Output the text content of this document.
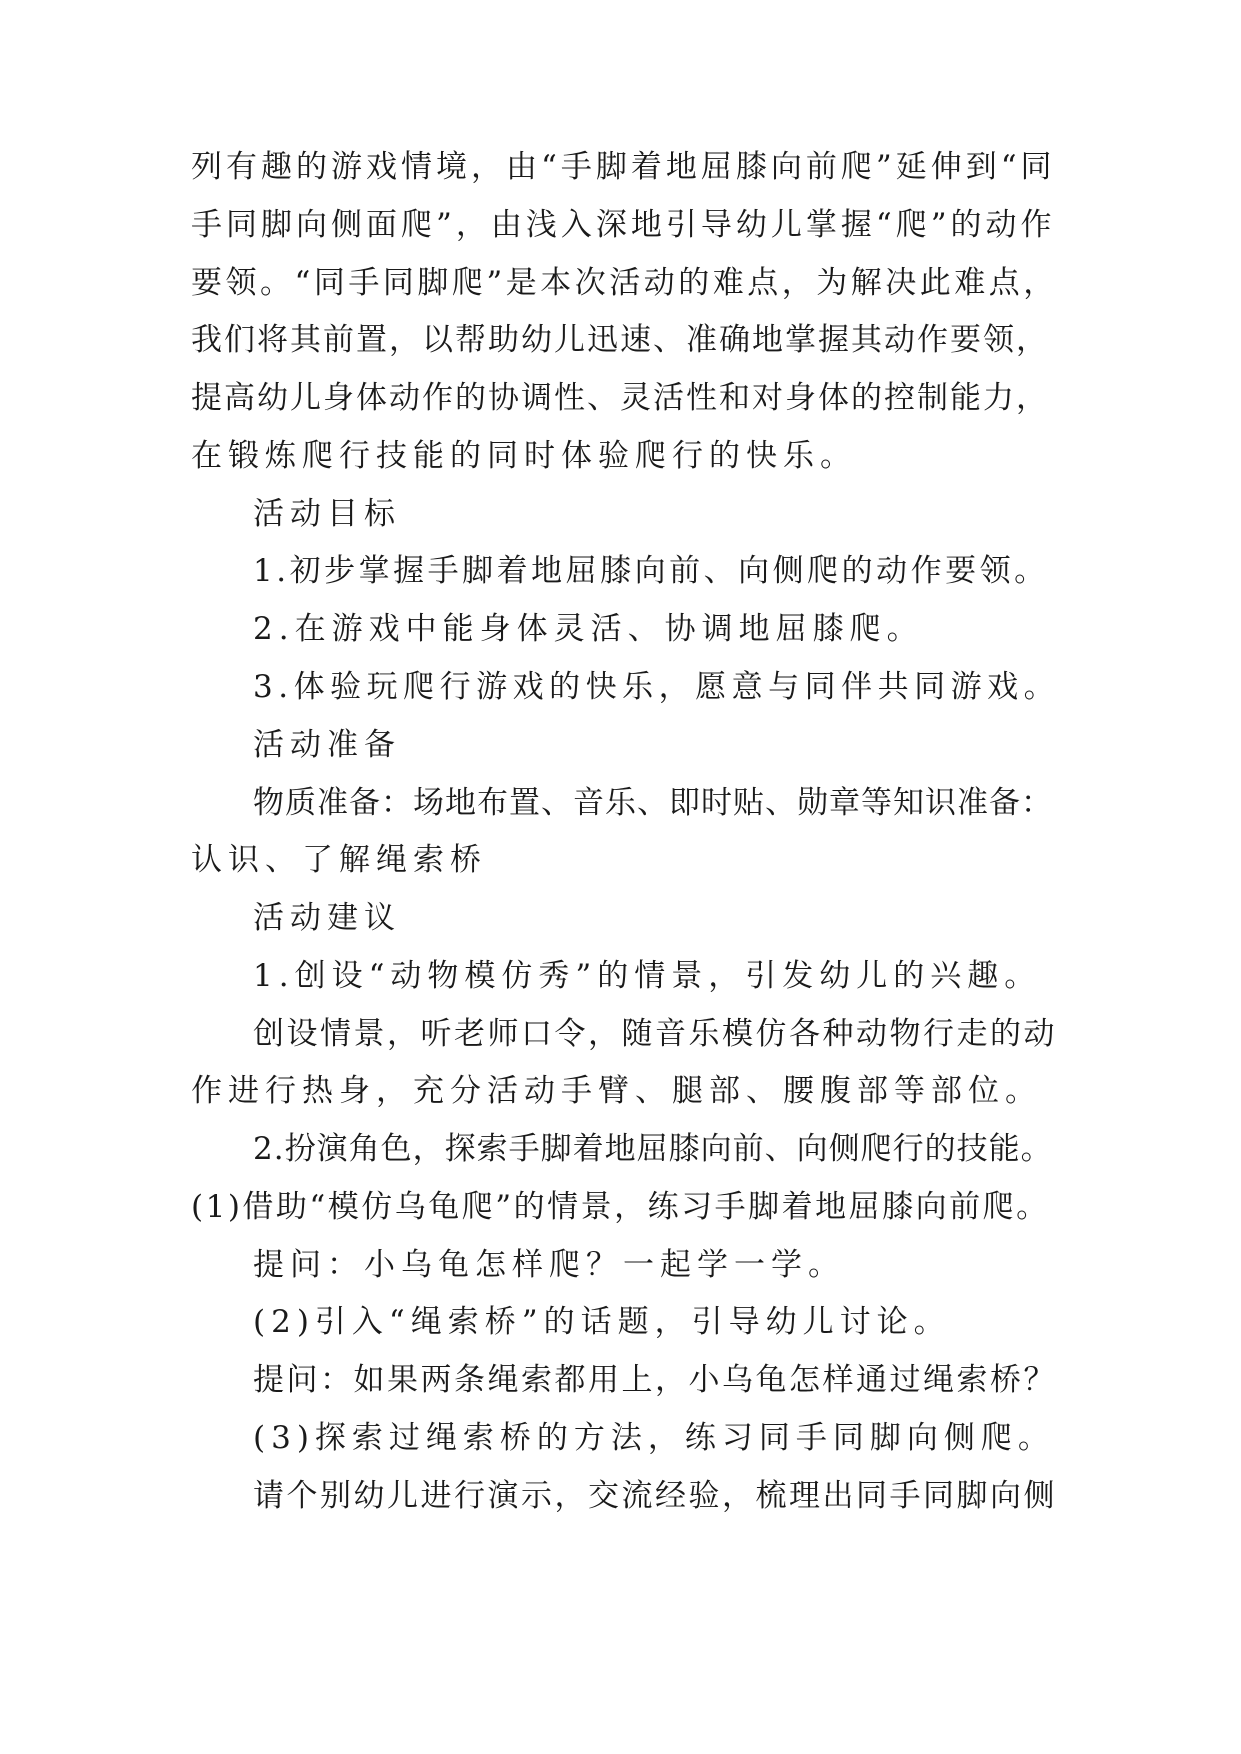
列有趣的游戏情境，由“手脚着地屈膝向前爬”延伸到“同
手同脚向侧面爬”，由浅入深地引导幼儿掌握“爬”的动作
要领。“同手同脚爬”是本次活动的难点，为解决此难点，
我们将其前置，以帮助幼儿迅速、准确地掌握其动作要领，
提高幼儿身体动作的协调性、灵活性和对身体的控制能力，
在锻炼爬行技能的同时体验爬行的快乐。
活动目标
1.初步掌握手脚着地屈膝向前、向侧爬的动作要领。
2.在游戏中能身体灵活、协调地屈膝爬。
3.体验玩爬行游戏的快乐，愿意与同伴共同游戏。
活动准备
物质准备：场地布置、音乐、即时贴、勋章等知识准备：
认识、了解绳索桥
活动建议
1.创设“动物模仿秀”的情景，引发幼儿的兴趣。
创设情景，听老师口令，随音乐模仿各种动物行走的动
作进行热身，充分活动手臂、腿部、腰腹部等部位。
2.扮演角色，探索手脚着地屈膝向前、向侧爬行的技能。
(1)借助“模仿乌龟爬”的情景，练习手脚着地屈膝向前爬。
提问：小乌龟怎样爬？一起学一学。
(2)引入“绳索桥”的话题，引导幼儿讨论。
提问：如果两条绳索都用上，小乌龟怎样通过绳索桥？
(3)探索过绳索桥的方法，练习同手同脚向侧爬。
请个别幼儿进行演示，交流经验，梳理出同手同脚向侧
